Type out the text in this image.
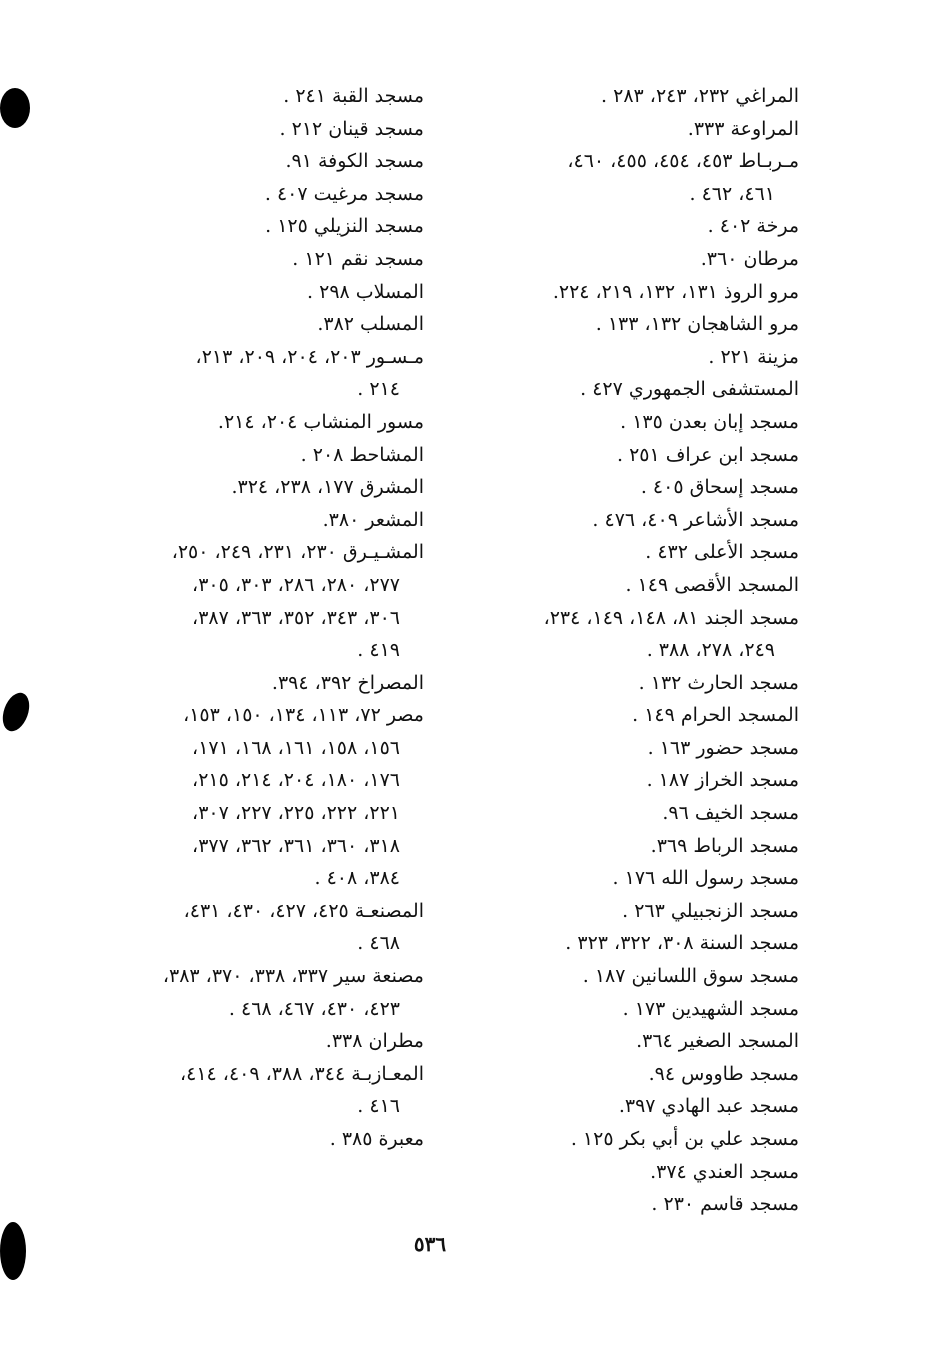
المراغي ٢٣٢، ٢٤٣، ٢٨٣ .
المراوعة ٣٣٣.
مـربـاط ٤٥٣، ٤٥٤، ٤٥٥، ٤٦٠،
٤٦١، ٤٦٢ .
مرخة ٤٠٢ .
مرطان ٣٦٠.
مرو الروذ ١٣١، ١٣٢، ٢١٩، ٢٢٤.
مرو الشاهجان ١٣٢، ١٣٣ .
مزينة ٢٢١ .
المستشفى الجمهوري ٤٢٧ .
مسجد إبان بعدن ١٣٥ .
مسجد ابن عراف ٢٥١ .
مسجد إسحاق ٤٠٥ .
مسجد الأشاعر ٤٠٩، ٤٧٦ .
مسجد الأعلى ٤٣٢ .
المسجد الأقصى ١٤٩ .
مسجد الجند ٨١، ١٤٨، ١٤٩، ٢٣٤،
٢٤٩، ٢٧٨، ٣٨٨ .
مسجد الحارث ١٣٢ .
المسجد الحرام ١٤٩ .
مسجد حضور ١٦٣ .
مسجد الخراز ١٨٧ .
مسجد الخيف ٩٦.
مسجد الرباط ٣٦٩.
مسجد رسول الله ١٧٦ .
مسجد الزنجبيلي ٢٦٣ .
مسجد السنة ٣٠٨، ٣٢٢، ٣٢٣ .
مسجد سوق اللسانين ١٨٧ .
مسجد الشهيدين ١٧٣ .
المسجد الصغير ٣٦٤.
مسجد طاووس ٩٤.
مسجد عبد الهادي ٣٩٧.
مسجد علي بن أبي بكر ١٢٥ .
مسجد العندي ٣٧٤.
مسجد قاسم ٢٣٠ .
مسجد القبة ٢٤١ .
مسجد قينان ٢١٢ .
مسجد الكوفة ٩١.
مسجد مرغيت ٤٠٧ .
مسجد النزيلي ١٢٥ .
مسجد نقم ١٢١ .
المسلاب ٢٩٨ .
المسلب ٣٨٢.
مـسـور ٢٠٣، ٢٠٤، ٢٠٩، ٢١٣،
٢١٤ .
مسور المنشاب ٢٠٤، ٢١٤.
المشاحط ٢٠٨ .
المشرق ١٧٧، ٢٣٨، ٣٢٤.
المشعر ٣٨٠.
المشـيـرق ٢٣٠، ٢٣١، ٢٤٩، ٢٥٠،
٢٧٧، ٢٨٠، ٢٨٦، ٣٠٣، ٣٠٥،
٣٠٦، ٣٤٣، ٣٥٢، ٣٦٣، ٣٨٧،
٤١٩ .
المصراخ ٣٩٢، ٣٩٤.
مصر ٧٢، ١١٣، ١٣٤، ١٥٠، ١٥٣،
١٥٦، ١٥٨، ١٦١، ١٦٨، ١٧١،
١٧٦، ١٨٠، ٢٠٤، ٢١٤، ٢١٥،
٢٢١، ٢٢٢، ٢٢٥، ٢٢٧، ٣٠٧،
٣١٨، ٣٦٠، ٣٦١، ٣٦٢، ٣٧٧،
٣٨٤، ٤٠٨ .
المصنعـة ٤٢٥، ٤٢٧، ٤٣٠، ٤٣١،
٤٦٨ .
مصنعة سير ٣٣٧، ٣٣٨، ٣٧٠، ٣٨٣،
٤٢٣، ٤٣٠، ٤٦٧، ٤٦٨ .
مطران ٣٣٨.
المعـازبـة ٣٤٤، ٣٨٨، ٤٠٩، ٤١٤،
٤١٦ .
معبرة ٣٨٥ .
٥٣٦
